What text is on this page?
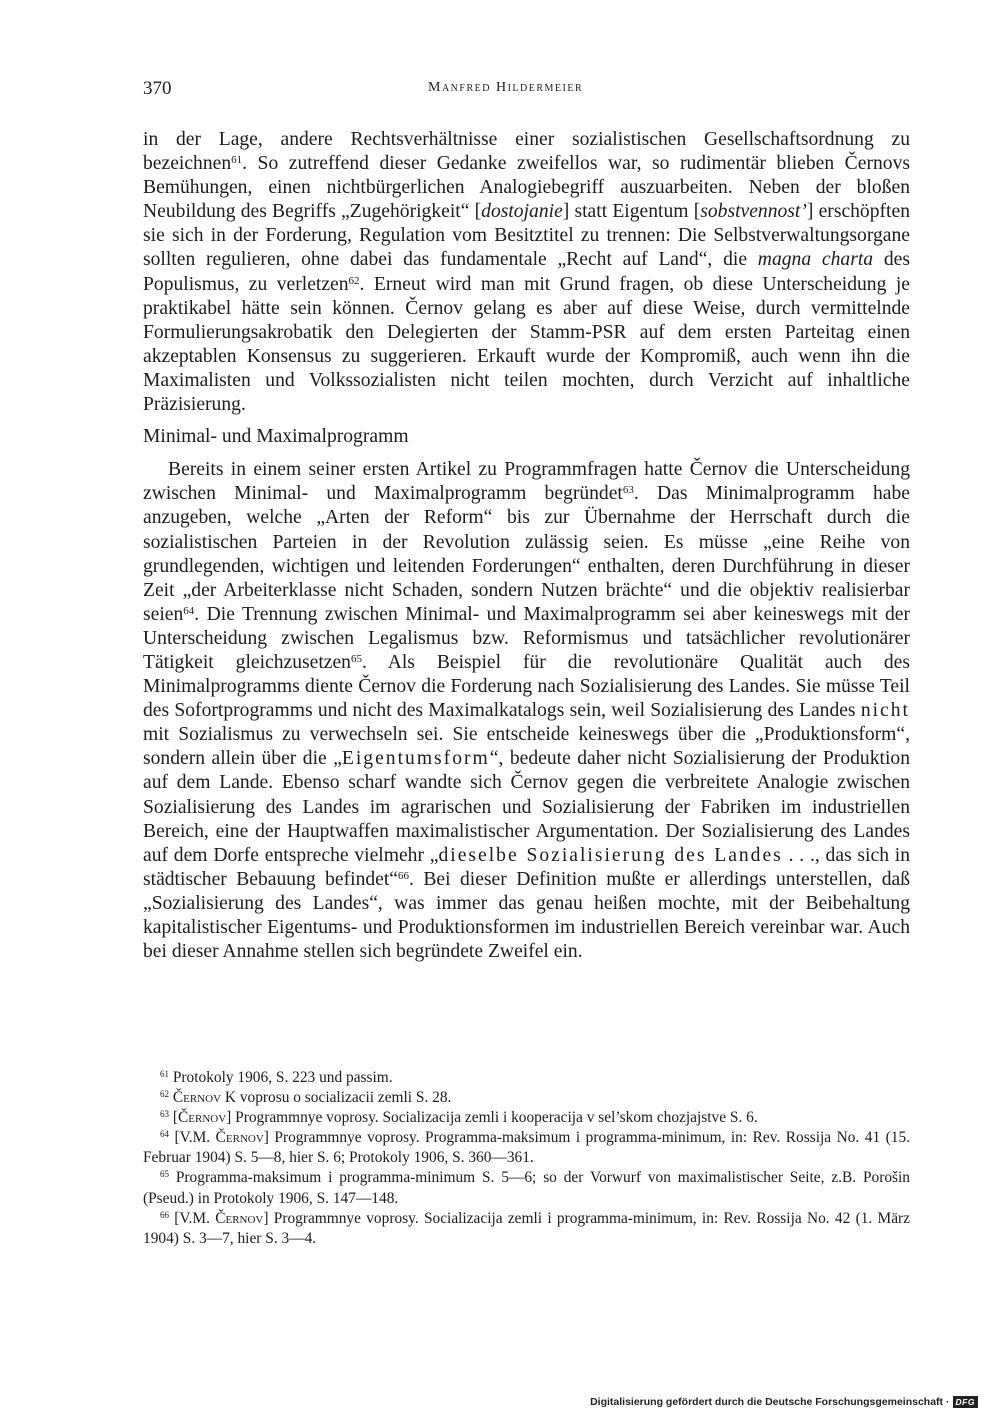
370	Manfred Hildermeier

in der Lage, andere Rechtsverhältnisse einer sozialistischen Gesellschaftsordnung zu bezeichnen$^{61}$. So zutreffend dieser Gedanke zweifellos war, so rudimentär blieben Černovs Bemühungen, einen nichtbürgerlichen Analogiebegriff auszuarbeiten. Neben der bloßen Neubildung des Begriffs „Zugehörigkeit“ [dostojanie] statt Eigentum [sobstvennost’] erschöpften sie sich in der Forderung, Regulation vom Besitztitel zu trennen: Die Selbstverwaltungsorgane sollten regulieren, ohne dabei das fundamentale „Recht auf Land“, die magna charta des Populismus, zu verletzen$^{62}$. Erneut wird man mit Grund fragen, ob diese Unterscheidung je praktikabel hätte sein können. Černov gelang es aber auf diese Weise, durch vermittelnde Formulierungsakrobatik den Delegierten der Stamm-PSR auf dem ersten Parteitag einen akzeptablen Konsensus zu suggerieren. Erkauft wurde der Kompromiß, auch wenn ihn die Maximalisten und Volkssozialisten nicht teilen mochten, durch Verzicht auf inhaltliche Präzisierung.

Minimal- und Maximalprogramm

Bereits in einem seiner ersten Artikel zu Programmfragen hatte Černov die Unterscheidung zwischen Minimal- und Maximalprogramm begründet$^{63}$. Das Minimalprogramm habe anzugeben, welche „Arten der Reform“ bis zur Übernahme der Herrschaft durch die sozialistischen Parteien in der Revolution zulässig seien. Es müsse „eine Reihe von grundlegenden, wichtigen und leitenden Forderungen“ enthalten, deren Durchführung in dieser Zeit „der Arbeiterklasse nicht Schaden, sondern Nutzen brächte“ und die objektiv realisierbar seien$^{64}$. Die Trennung zwischen Minimal- und Maximalprogramm sei aber keineswegs mit der Unterscheidung zwischen Legalismus bzw. Reformismus und tatsächlicher revolutionärer Tätigkeit gleichzusetzen$^{65}$. Als Beispiel für die revolutionäre Qualität auch des Minimalprogramms diente Černov die Forderung nach Sozialisierung des Landes. Sie müsse Teil des Sofortprogramms und nicht des Maximalkatalogs sein, weil Sozialisierung des Landes nicht mit Sozialismus zu verwechseln sei. Sie entscheide keineswegs über die „Produktionsform“, sondern allein über die „Eigentumsform“, bedeute daher nicht Sozialisierung der Produktion auf dem Lande. Ebenso scharf wandte sich Černov gegen die verbreitete Analogie zwischen Sozialisierung des Landes im agrarischen und Sozialisierung der Fabriken im industriellen Bereich, eine der Hauptwaffen maximalistischer Argumentation. Der Sozialisierung des Landes auf dem Dorfe entspreche vielmehr „dieselbe Sozialisierung des Landes . . ., das sich in städtischer Bebauung befindet“$^{66}$. Bei dieser Definition mußte er allerdings unterstellen, daß „Sozialisierung des Landes“, was immer das genau heißen mochte, mit der Beibehaltung kapitalistischer Eigentums- und Produktionsformen im industriellen Bereich vereinbar war. Auch bei dieser Annahme stellen sich begründete Zweifel ein.

$^{61}$ Protokoly 1906, S. 223 und passim.

$^{62}$ Černov K voprosu o socializacii zemli S. 28.

$^{63}$ [Černov] Programmnye voprosy. Socializacija zemli i kooperacija v sel’skom chozjajstve S. 6.

$^{64}$ [V.M. Černov] Programmnye voprosy. Programma-maksimum i programma-minimum, in: Rev. Rossija No. 41 (15. Februar 1904) S. 5—8, hier S. 6; Protokoly 1906, S. 360—361.

$^{65}$ Programma-maksimum i programma-minimum S. 5—6; so der Vorwurf von maximalistischer Seite, z.B. Porošin (Pseud.) in Protokoly 1906, S. 147—148.

$^{66}$ [V.M. Černov] Programmnye voprosy. Socializacija zemli i programma-minimum, in: Rev. Rossija No. 42 (1. März 1904) S. 3—7, hier S. 3—4.

Digitalisierung gefördert durch die Deutsche Forschungsgemeinschaft · DFG
